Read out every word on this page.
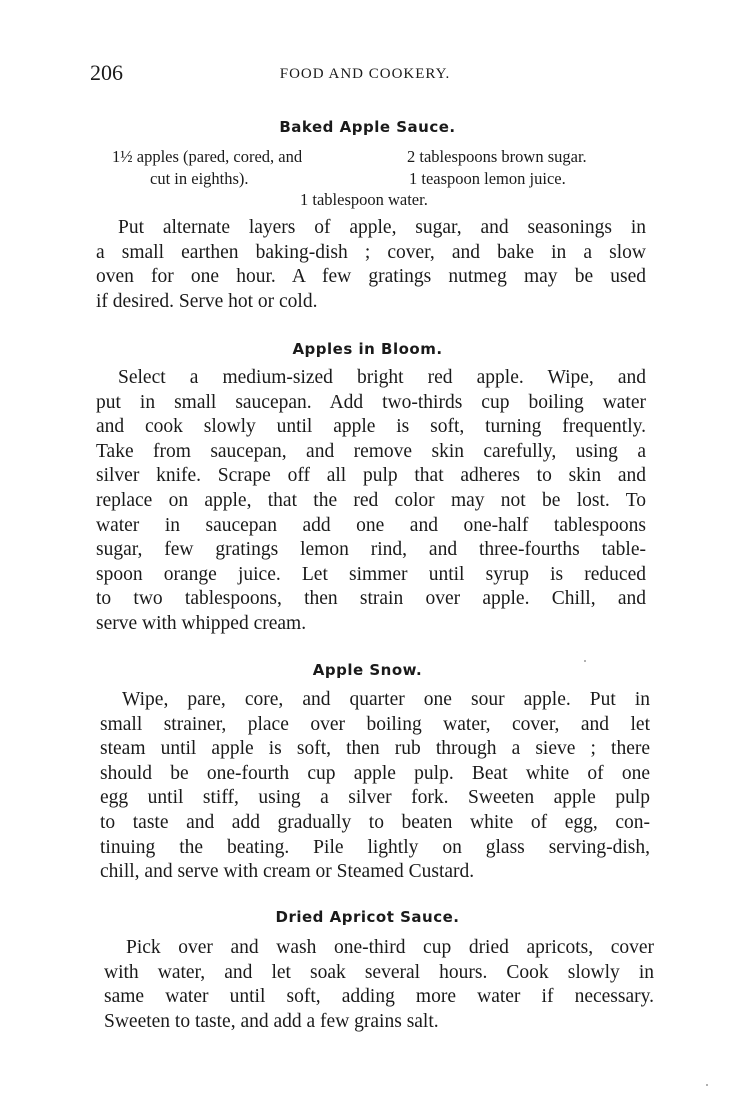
206	FOOD AND COOKERY.
Baked Apple Sauce.
1½ apples (pared, cored, and
cut in eighths).
2 tablespoons brown sugar.
1 teaspoon lemon juice.
1 tablespoon water.
Put alternate layers of apple, sugar, and seasonings in
a small earthen baking-dish ; cover, and bake in a slow
oven for one hour. A few gratings nutmeg may be used
if desired. Serve hot or cold.
Apples in Bloom.
Select a medium-sized bright red apple. Wipe, and
put in small saucepan. Add two-thirds cup boiling water
and cook slowly until apple is soft, turning frequently.
Take from saucepan, and remove skin carefully, using a
silver knife. Scrape off all pulp that adheres to skin and
replace on apple, that the red color may not be lost. To
water in saucepan add one and one-half tablespoons
sugar, few gratings lemon rind, and three-fourths table-
spoon orange juice. Let simmer until syrup is reduced
to two tablespoons, then strain over apple. Chill, and
serve with whipped cream.
Apple Snow.
Wipe, pare, core, and quarter one sour apple. Put in
small strainer, place over boiling water, cover, and let
steam until apple is soft, then rub through a sieve ; there
should be one-fourth cup apple pulp. Beat white of one
egg until stiff, using a silver fork. Sweeten apple pulp
to taste and add gradually to beaten white of egg, con-
tinuing the beating. Pile lightly on glass serving-dish,
chill, and serve with cream or Steamed Custard.
Dried Apricot Sauce.
Pick over and wash one-third cup dried apricots, cover
with water, and let soak several hours. Cook slowly in
same water until soft, adding more water if necessary.
Sweeten to taste, and add a few grains salt.
